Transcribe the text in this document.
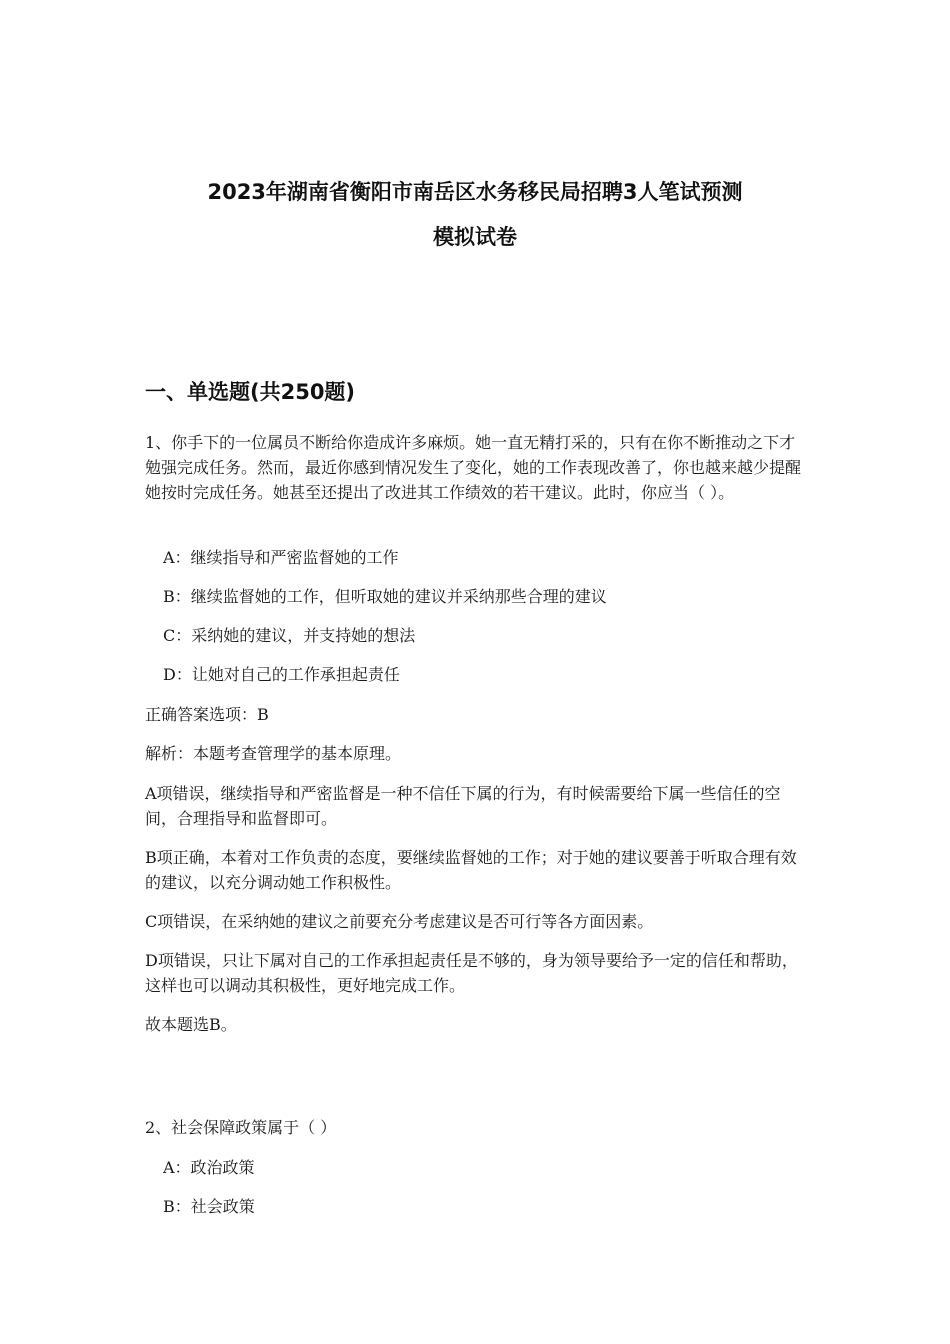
2023年湖南省衡阳市南岳区水务移民局招聘3人笔试预测
模拟试卷
一、单选题(共250题)
1、你手下的一位属员不断给你造成许多麻烦。她一直无精打采的，只有在你不断推动之下才勉强完成任务。然而，最近你感到情况发生了变化，她的工作表现改善了，你也越来越少提醒她按时完成任务。她甚至还提出了改进其工作绩效的若干建议。此时，你应当（ ）。
A：继续指导和严密监督她的工作
B：继续监督她的工作，但听取她的建议并采纳那些合理的建议
C：采纳她的建议，并支持她的想法
D：让她对自己的工作承担起责任
正确答案选项：B
解析：本题考查管理学的基本原理。
A项错误，继续指导和严密监督是一种不信任下属的行为，有时候需要给下属一些信任的空间，合理指导和监督即可。
B项正确，本着对工作负责的态度，要继续监督她的工作；对于她的建议要善于听取合理有效的建议，以充分调动她工作积极性。
C项错误，在采纳她的建议之前要充分考虑建议是否可行等各方面因素。
D项错误，只让下属对自己的工作承担起责任是不够的，身为领导要给予一定的信任和帮助，这样也可以调动其积极性，更好地完成工作。
故本题选B。
2、社会保障政策属于（ ）
A：政治政策
B：社会政策
